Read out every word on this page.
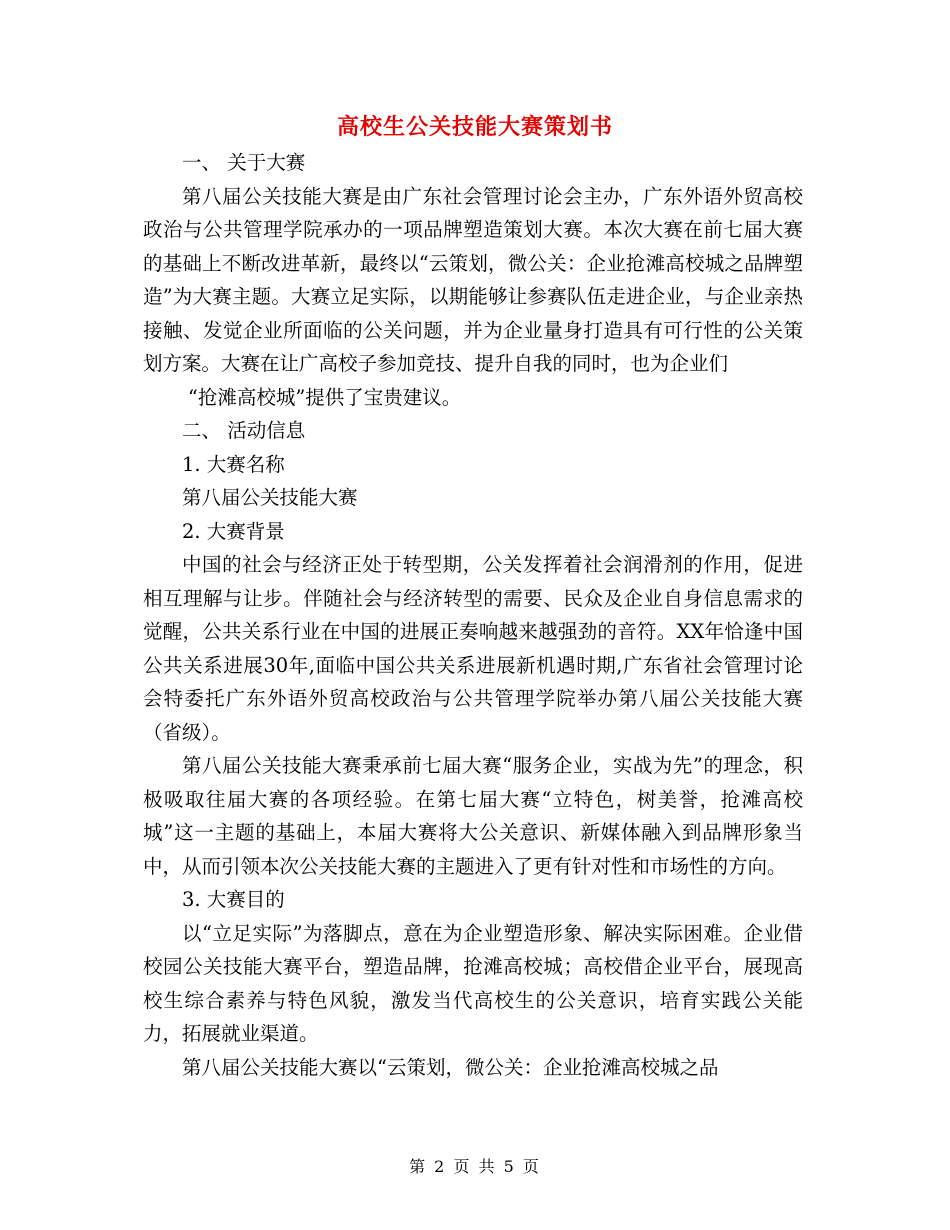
高校生公关技能大赛策划书

一、 关于大赛

第八届公关技能大赛是由广东社会管理讨论会主办，广东外语外贸高校政治与公共管理学院承办的一项品牌塑造策划大赛。本次大赛在前七届大赛的基础上不断改进革新，最终以“云策划，微公关：企业抢滩高校城之品牌塑造”为大赛主题。大赛立足实际，以期能够让参赛队伍走进企业，与企业亲热接触、发觉企业所面临的公关问题，并为企业量身打造具有可行性的公关策划方案。大赛在让广高校子参加竞技、提升自我的同时，也为企业们

“抢滩高校城”提供了宝贵建议。

二、 活动信息

1. 大赛名称

第八届公关技能大赛

2. 大赛背景

中国的社会与经济正处于转型期，公关发挥着社会润滑剂的作用，促进相互理解与让步。伴随社会与经济转型的需要、民众及企业自身信息需求的觉醒，公共关系行业在中国的进展正奏响越来越强劲的音符。XX年恰逢中国公共关系进展30年,面临中国公共关系进展新机遇时期,广东省社会管理讨论会特委托广东外语外贸高校政治与公共管理学院举办第八届公关技能大赛（省级）。

第八届公关技能大赛秉承前七届大赛“服务企业，实战为先”的理念，积极吸取往届大赛的各项经验。在第七届大赛“立特色，树美誉，抢滩高校城”这一主题的基础上，本届大赛将大公关意识、新媒体融入到品牌形象当中，从而引领本次公关技能大赛的主题进入了更有针对性和市场性的方向。

3. 大赛目的

以“立足实际”为落脚点，意在为企业塑造形象、解决实际困难。企业借校园公关技能大赛平台，塑造品牌，抢滩高校城；高校借企业平台，展现高校生综合素养与特色风貌，激发当代高校生的公关意识，培育实践公关能力，拓展就业渠道。

第八届公关技能大赛以“云策划，微公关：企业抢滩高校城之品

第 2 页 共 5 页
